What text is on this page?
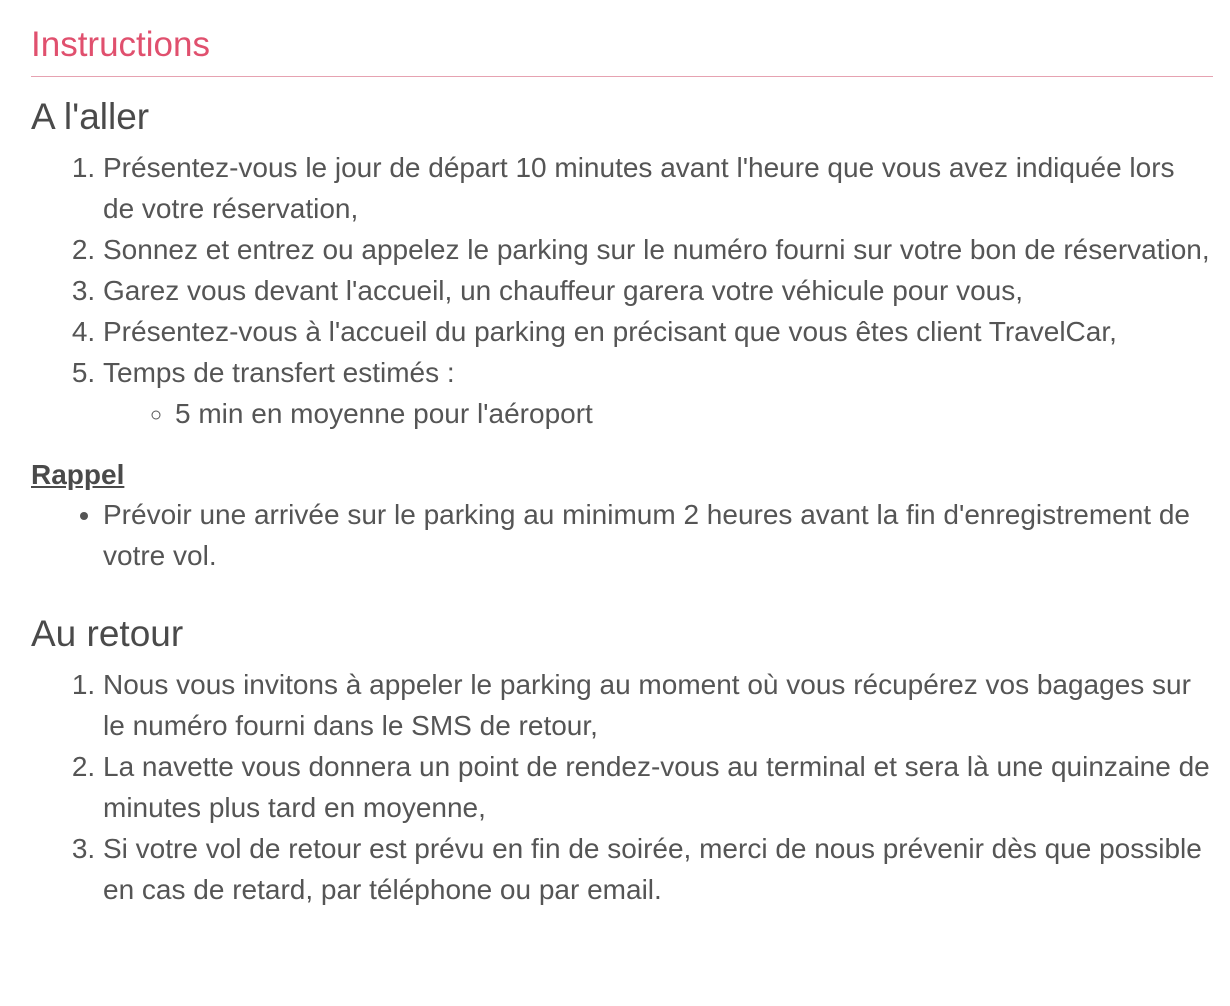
Instructions
A l'aller
1. Présentez-vous le jour de départ 10 minutes avant l'heure que vous avez indiquée lors de votre réservation,
2. Sonnez et entrez ou appelez le parking sur le numéro fourni sur votre bon de réservation,
3. Garez vous devant l'accueil, un chauffeur garera votre véhicule pour vous,
4. Présentez-vous à l'accueil du parking en précisant que vous êtes client TravelCar,
5. Temps de transfert estimés :
◦ 5 min en moyenne pour l'aéroport
Rappel
• Prévoir une arrivée sur le parking au minimum 2 heures avant la fin d'enregistrement de votre vol.
Au retour
1. Nous vous invitons à appeler le parking au moment où vous récupérez vos bagages sur le numéro fourni dans le SMS de retour,
2. La navette vous donnera un point de rendez-vous au terminal et sera là une quinzaine de minutes plus tard en moyenne,
3. Si votre vol de retour est prévu en fin de soirée, merci de nous prévenir dès que possible en cas de retard, par téléphone ou par email.
